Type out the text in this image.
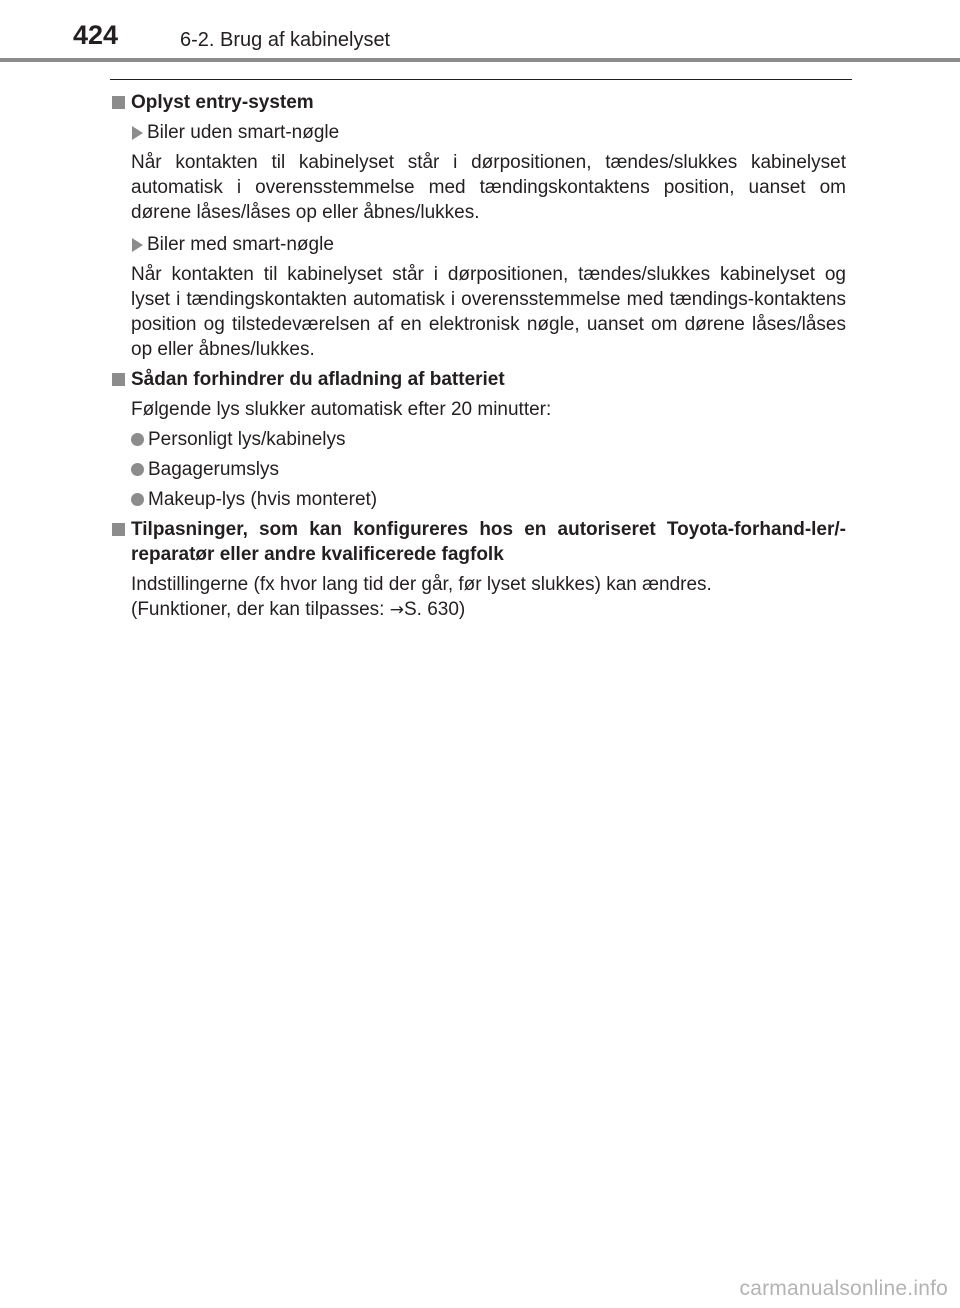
424	6-2. Brug af kabinelyset

Oplyst entry-system

Biler uden smart-nøgle

Når kontakten til kabinelyset står i dørpositionen, tændes/slukkes kabinelyset automatisk i overensstemmelse med tændingskontaktens position, uanset om dørene låses/låses op eller åbnes/lukkes.

Biler med smart-nøgle

Når kontakten til kabinelyset står i dørpositionen, tændes/slukkes kabinelyset og lyset i tændingskontakten automatisk i overensstemmelse med tændings-kontaktens position og tilstedeværelsen af en elektronisk nøgle, uanset om dørene låses/låses op eller åbnes/lukkes.

Sådan forhindrer du afladning af batteriet

Følgende lys slukker automatisk efter 20 minutter:

Personligt lys/kabinelys

Bagagerumslys

Makeup-lys (hvis monteret)

Tilpasninger, som kan konfigureres hos en autoriseret Toyota-forhand-ler/-reparatør eller andre kvalificerede fagfolk

Indstillingerne (fx hvor lang tid der går, før lyset slukkes) kan ændres.
(Funktioner, der kan tilpasses: →S. 630)

carmanualsonline.info
